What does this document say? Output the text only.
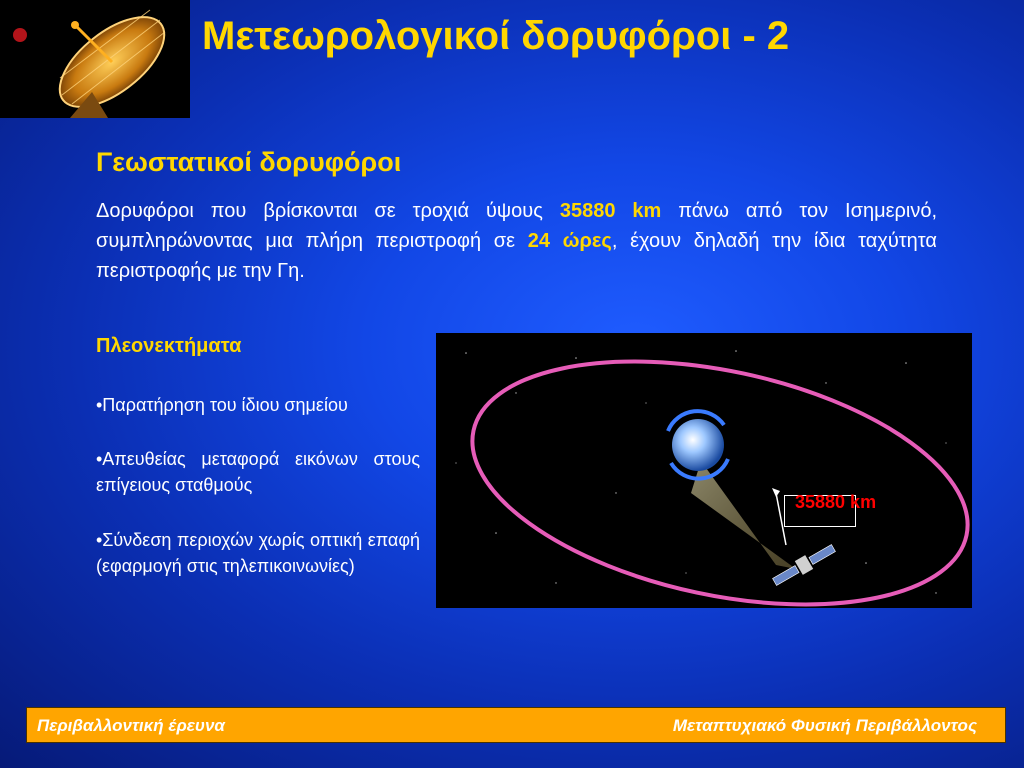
Μετεωρολογικοί δορυφόροι - 2
Γεωστατικοί δορυφόροι
Δορυφόροι που βρίσκονται σε τροχιά ύψους 35880 km πάνω από τον Ισημερινό, συμπληρώνοντας μια πλήρη περιστροφή σε 24 ώρες, έχουν δηλαδή την ίδια ταχύτητα περιστροφής με την Γη.
Πλεονεκτήματα
•Παρατήρηση του ίδιου σημείου
•Απευθείας μεταφορά εικόνων στους επίγειους σταθμούς
•Σύνδεση περιοχών χωρίς οπτική επαφή (εφαρμογή στις τηλεπικοινωνίες)
35880 km
Περιβαλλοντική έρευνα	Μεταπτυχιακό Φυσική Περιβάλλοντος
